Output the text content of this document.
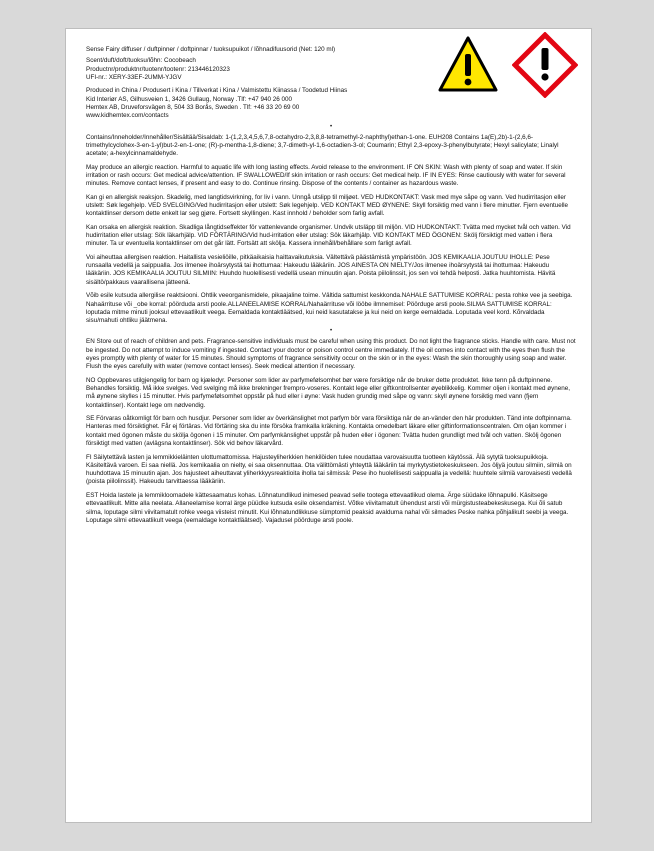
Sense Fairy diffuser / duftpinner / doftpinnar / tuoksupuikot / lõhnadifuusorid (Net: 120 ml)
Scent/duft/doft/tuoksu/lõhn: Cocobeach
Productnr/produktnr/tuotenr/tootenr: 213446120323
UFI-nr.: XERY-33EF-2UMM-YJGV
Produced in China / Produsert i Kina / Tillverkat i Kina / Valmistettu Kiinassa / Toodetud Hiinas
Kid Interiør AS, Gilhusveien 1, 3426 Gullaug, Norway .Tlf: +47 940 26 000
Hemtex AB, Druveforsvägen 8, 504 33 Borås, Sweden . Tlf: +46 33 20 69 00
www.kidhemtex.com/contacts
•
Contains/Inneholder/Innehåller/Sisältää/Sisaldab: 1-(1,2,3,4,5,6,7,8-octahydro-2,3,8,8-tetramethyl-2-naphthyl)ethan-1-one. EUH208 Contains 1a(E),2b)-1-(2,6,6-trimethylcyclohex-3-en-1-yl)but-2-en-1-one; (R)-p-mentha-1,8-diene; 3,7-dimeth-yl-1,6-octadien-3-ol; Coumarin; Ethyl 2,3-epoxy-3-phenylbutyrate; Hexyl salicylate; Linalyl acetate; a-hexylcinnamaldehyde.
May produce an allergic reaction. Harmful to aquatic life with long lasting effects. Avoid release to the environment. IF ON SKIN: Wash with plenty of soap and water. If skin irritation or rash occurs: Get medical advice/attention. IF SWALLOWED/If skin irritation or rash occurs: Get medical help. IF IN EYES: Rinse cautiously with water for several minutes. Remove contact lenses, if present and easy to do. Continue rinsing. Dispose of the contents / container as hazardous waste.
Kan gi en allergisk reaksjon. Skadelig, med langtidsvirkning, for liv i vann. Unngå utslipp til miljøet. VED HUDKONTAKT: Vask med mye såpe og vann. Ved hudirritasjon eller utslett: Søk legehjelp. VED SVELGING/Ved hudirritasjon eller utslett: Søk legehjelp. VED KONTAKT MED ØYNENE: Skyll forsiktig med vann i flere minutter. Fjern eventuelle kontaktlinser dersom dette enkelt lar seg gjøre. Fortsett skyllingen. Kast innhold / beholder som farlig avfall.
Kan orsaka en allergisk reaktion. Skadliga långtidseffekter för vattenlevande organismer. Undvik utsläpp till miljön. VID HUDKONTAKT: Tvätta med mycket tvål och vatten. Vid hudirritation eller utslag: Sök läkarhjälp. VID FÖRTÄRING/Vid hud-irritation eller utslag: Sök läkarhjälp. VID KONTAKT MED ÖGONEN: Skölj försiktigt med vatten i flera minuter. Ta ur eventuella kontaktlinser om det går lätt. Fortsätt att skölja. Kassera innehåll/behållare som farligt avfall.
Voi aiheuttaa allergisen reaktion. Haitallista vesieliöille, pitkäaikaisia haittavaikutuksia. Vältettävä päästämistä ympäristöön. JOS KEMIKAALIA JOUTUU IHOLLE: Pese runsaalla vedellä ja saippualla. Jos ilmenee ihoärsytystä tai ihottumaa: Hakeudu lääkäriin. JOS AINESTA ON NIELTY/Jos ilmenee ihoärsytystä tai ihottumaa: Hakeudu lääkäriin. JOS KEMIKAALIA JOUTUU SILMIIN: Huuhdo huolellisesti vedellä usean minuutin ajan. Poista piilolinssit, jos sen voi tehdä helposti. Jatka huuhtomista. Hävitä sisältö/pakkaus vaarallisena jätteenä.
Võib esile kutsuda allergilise reaktsiooni. Ohtlik veeorganismidele, pikaajaline toime. Vältida sattumist keskkonda.NAHALE SATTUMISE KORRAL: pesta rohke vee ja seebiga. Nahaärrituse või _obe korral: pöörduda arsti poole.ALLANEELAMISE KORRAL/Nahaärrituse või lööbe ilmnemisel: Pöörduge arsti poole.SILMA SATTUMISE KORRAL: loputada mitme minuti jooksul ettevaatlikult veega. Eemaldada kontaktläätsed, kui neid kasutatakse ja kui neid on kerge eemaldada. Loputada veel kord. Kõrvaldada sisu/mahuti ohtliku jäätmena.
•
EN Store out of reach of children and pets. Fragrance-sensitive individuals must be careful when using this product. Do not light the fragrance sticks. Handle with care. Must not be ingested. Do not attempt to induce vomiting if ingested. Contact your doctor or poison control centre immediately. If the oil comes into contact with the eyes then flush the eyes promptly with plenty of water for 15 minutes. Should symptoms of fragrance sensitivity occur on the skin or in the eyes: Wash the skin thoroughly using soap and water. Flush the eyes carefully with water (remove contact lenses). Seek medical attention if necessary.
NO Oppbevares utilgjengelig for barn og kjæledyr. Personer som lider av parfymefølsomhet bør være forsiktige når de bruker dette produktet. Ikke tenn på duftpinnene. Behandles forsiktig. Må ikke svelges. Ved svelging må ikke brekninger frempro-voseres. Kontakt lege eller giftkontrollsenter øyeblikkelig. Kommer oljen i kontakt med øynene, må øynene skylles i 15 minutter. Hvis parfymefølsomhet oppstår på hud eller i øyne: Vask huden grundig med såpe og vann: skyll øynene forsiktig med vann (fjern kontaktlinser). Kontakt lege om nødvendig.
SE Förvaras oåtkomligt för barn och husdjur. Personer som lider av överkänslighet mot parfym bör vara försiktiga när de an-vänder den här produkten. Tänd inte doftpinnarna. Hanteras med försiktighet. Får ej förtäras. Vid förtäring ska du inte försöka framkalla kräkning. Kontakta omedelbart läkare eller giftinformationscentralen. Om oljan kommer i kontakt med ögonen måste du skölja ögonen i 15 minuter. Om parfymkänslighet uppstår på huden eller i ögonen: Tvätta huden grundligt med tvål och vatten. Skölj ögonen försiktigt med vatten (avlägsna kontaktlinser). Sök vid behov läkarvård.
FI Säilytettävä lasten ja lemmikkieläinten ulottumattomissa. Hajusteyliherkkien henkilöiden tulee noudattaa varovaisuutta tuotteen käytössä. Älä sytytä tuoksupuikkoja. Käsiteltävä varoen. Ei saa niellä. Jos kemikaalia on nielty, ei saa oksennuttaa. Ota välittömästi yhteyttä lääkäriin tai myrkytystietokeskukseen. Jos öljyä joutuu silmiin, silmiä on huuhdottava 15 minuutin ajan. Jos hajusteet aiheuttavat yliherkkyysreaktioita iholla tai silmissä: Pese iho huolellisesti saippualla ja vedellä: huuhtele silmiä varovaisesti vedellä (poista piilolinssit). Hakeudu tarvittaessa lääkäriin.
EST Hoida lastele ja lemmikloomadele kättesaamatus kohas. Lõhnatundlikud inimesed peavad selle tootega ettevaatlikud olema. Ärge süüdake lõhnapulki. Käsitsege ettevaatlikult. Mitte alla neelata. Allaneelamise korral ärge püüdke kutsuda esile oksendamist. Võtke viivitamatult ühendust arsti või mürgistusteabekeskusega. Kui õli satub silma, loputage silmi viivitamatult rohke veega viisteist minutit. Kui lõhnatundlikkuse sümptomid peaksid avalduma nahal või silmades Peske nahka põhjalikult seebi ja veega. Loputage silmi ettevaatlikult veega (eemaldage kontaktläätsed). Vajadusel pöörduge arsti poole.
